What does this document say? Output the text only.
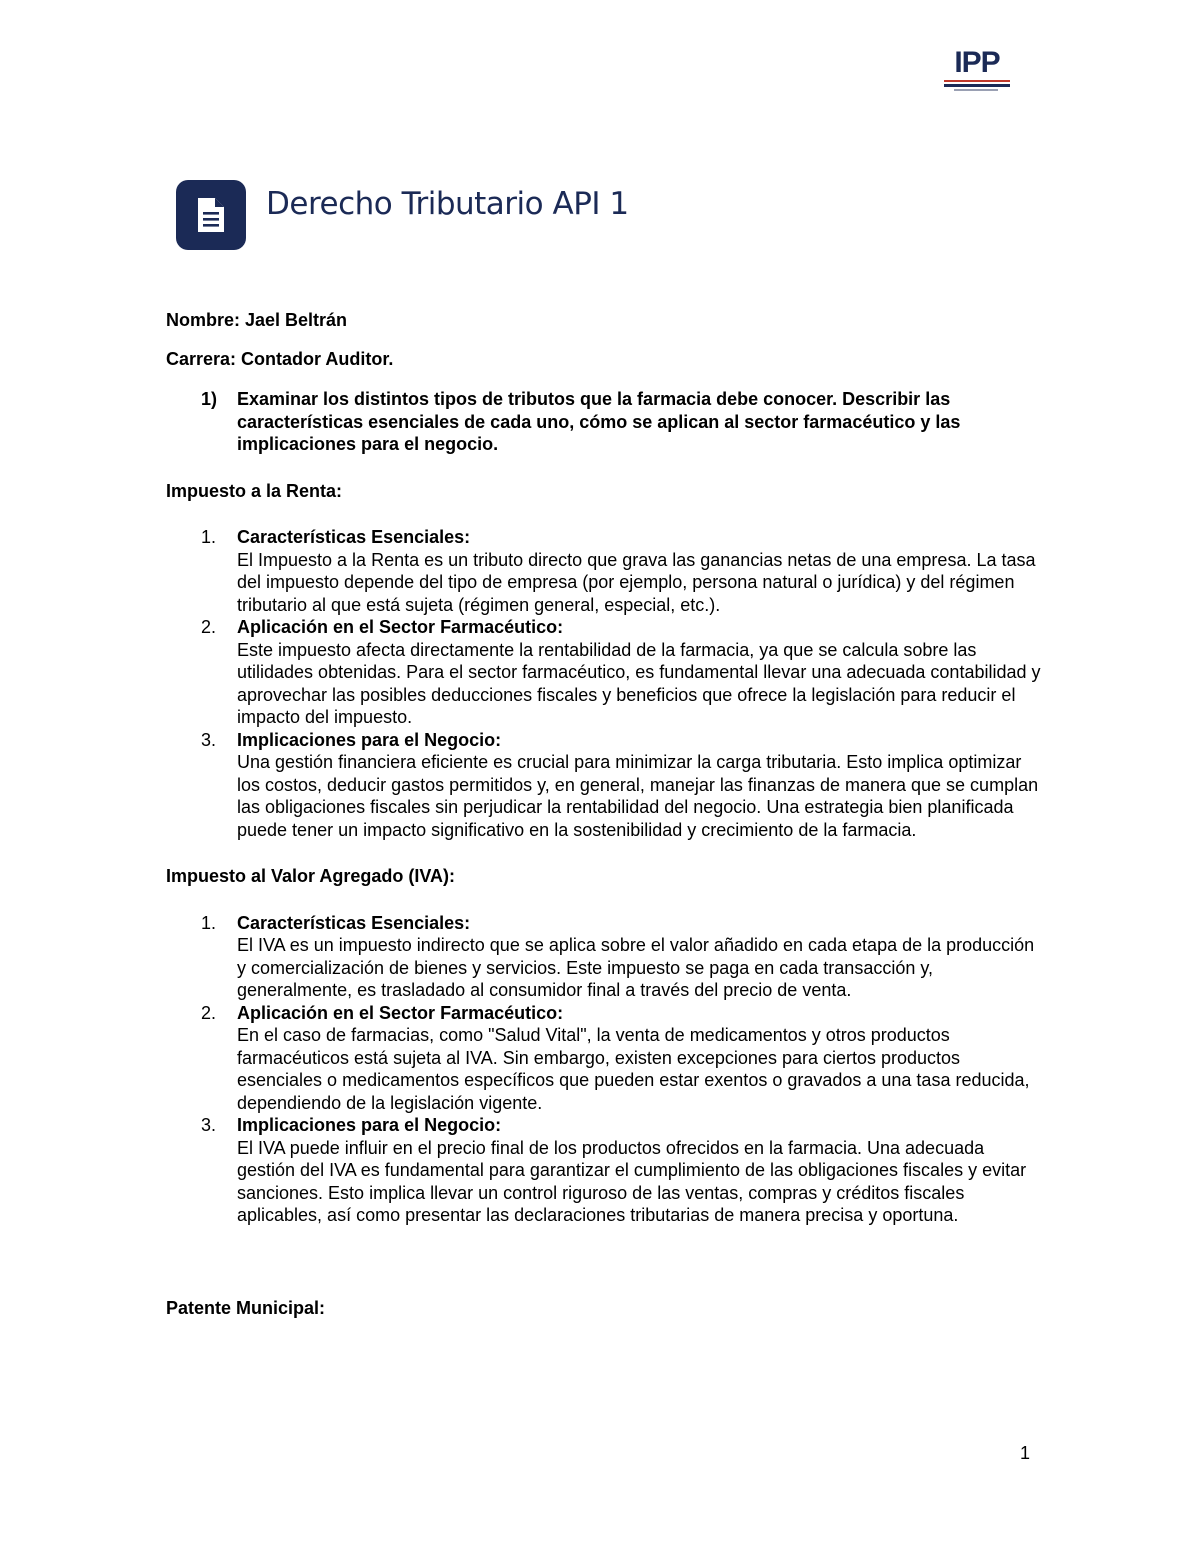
IPP
Derecho Tributario API 1

Nombre: Jael Beltrán

Carrera: Contador Auditor.

1)	Examinar los distintos tipos de tributos que la farmacia debe conocer. Describir las características esenciales de cada uno, cómo se aplican al sector farmacéutico y las implicaciones para el negocio.

Impuesto a la Renta:

1.	Características Esenciales:
El Impuesto a la Renta es un tributo directo que grava las ganancias netas de una empresa. La tasa del impuesto depende del tipo de empresa (por ejemplo, persona natural o jurídica) y del régimen tributario al que está sujeta (régimen general, especial, etc.).
2.	Aplicación en el Sector Farmacéutico:
Este impuesto afecta directamente la rentabilidad de la farmacia, ya que se calcula sobre las utilidades obtenidas. Para el sector farmacéutico, es fundamental llevar una adecuada contabilidad y aprovechar las posibles deducciones fiscales y beneficios que ofrece la legislación para reducir el impacto del impuesto.
3.	Implicaciones para el Negocio:
Una gestión financiera eficiente es crucial para minimizar la carga tributaria. Esto implica optimizar los costos, deducir gastos permitidos y, en general, manejar las finanzas de manera que se cumplan las obligaciones fiscales sin perjudicar la rentabilidad del negocio. Una estrategia bien planificada puede tener un impacto significativo en la sostenibilidad y crecimiento de la farmacia.

Impuesto al Valor Agregado (IVA):

1.	Características Esenciales:
El IVA es un impuesto indirecto que se aplica sobre el valor añadido en cada etapa de la producción y comercialización de bienes y servicios. Este impuesto se paga en cada transacción y, generalmente, es trasladado al consumidor final a través del precio de venta.
2.	Aplicación en el Sector Farmacéutico:
En el caso de farmacias, como "Salud Vital", la venta de medicamentos y otros productos farmacéuticos está sujeta al IVA. Sin embargo, existen excepciones para ciertos productos esenciales o medicamentos específicos que pueden estar exentos o gravados a una tasa reducida, dependiendo de la legislación vigente.
3.	Implicaciones para el Negocio:
El IVA puede influir en el precio final de los productos ofrecidos en la farmacia. Una adecuada gestión del IVA es fundamental para garantizar el cumplimiento de las obligaciones fiscales y evitar sanciones. Esto implica llevar un control riguroso de las ventas, compras y créditos fiscales aplicables, así como presentar las declaraciones tributarias de manera precisa y oportuna.

Patente Municipal:

1
